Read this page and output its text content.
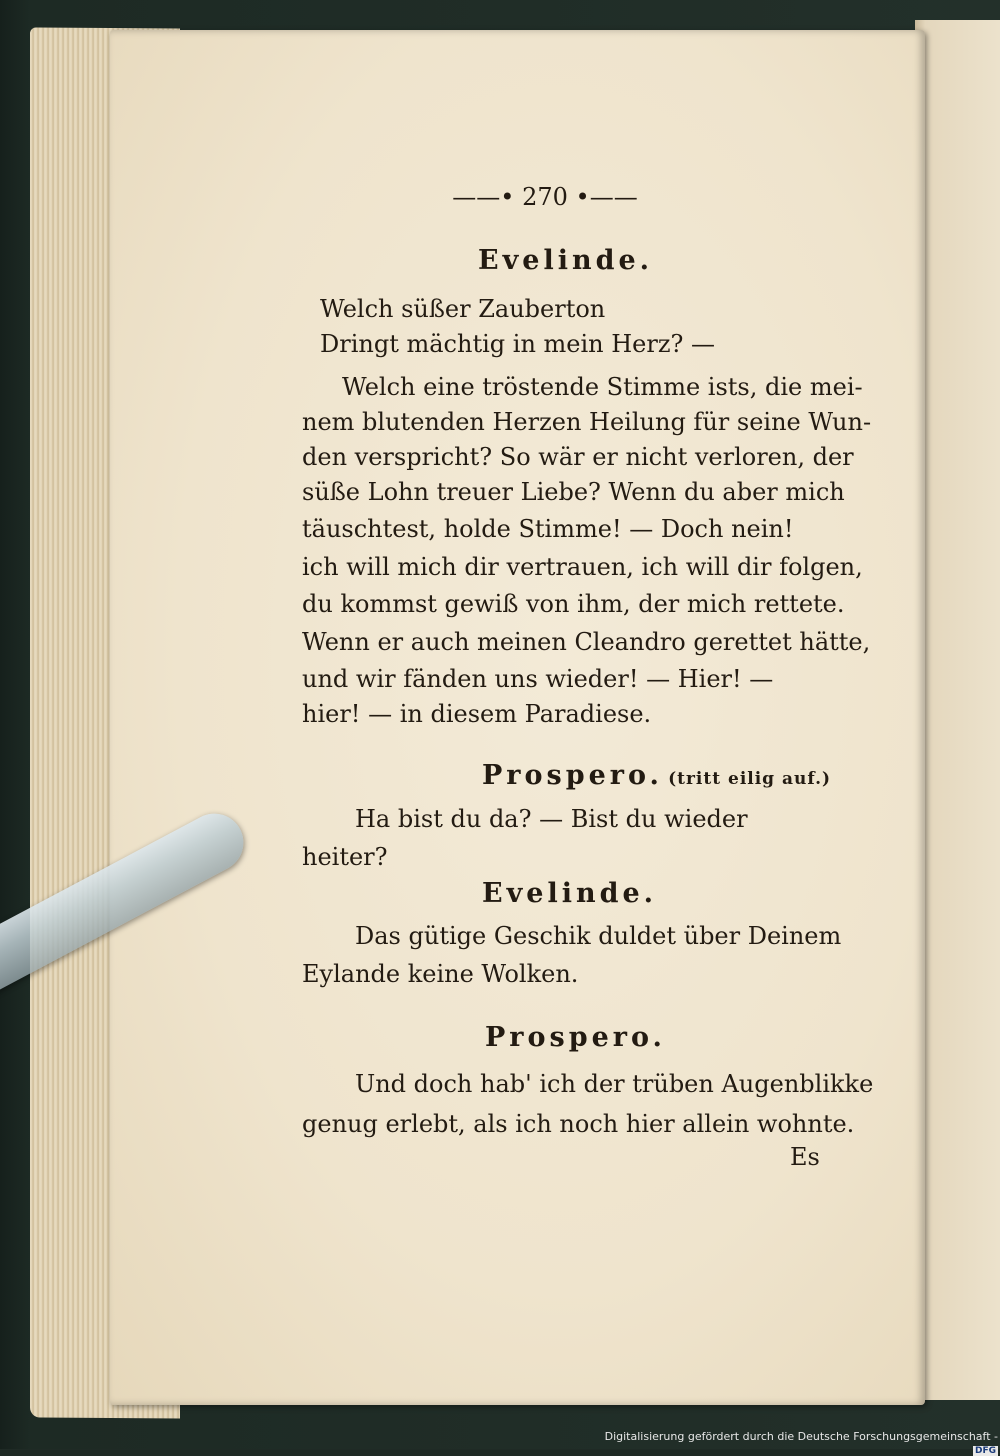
——• 270 •——
Evelinde.
Welch süßer Zauberton
Dringt mächtig in mein Herz? —
Welch eine tröstende Stimme ists, die mei-
nem blutenden Herzen Heilung für seine Wun-
den verspricht? So wär er nicht verloren, der
süße Lohn treuer Liebe? Wenn du aber mich
täuschtest, holde Stimme! — Doch nein!
ich will mich dir vertrauen, ich will dir folgen,
du kommst gewiß von ihm, der mich rettete.
Wenn er auch meinen Cleandro gerettet hätte,
und wir fänden uns wieder! — Hier! —
hier! — in diesem Paradiese.
Prospero. (tritt eilig auf.)
Ha bist du da? — Bist du wieder
heiter?
Evelinde.
Das gütige Geschik duldet über Deinem
Eylande keine Wolken.
Prospero.
Und doch hab' ich der trüben Augenblikke
genug erlebt, als ich noch hier allein wohnte.
Es
Digitalisierung gefördert durch die Deutsche Forschungsgemeinschaft -DFG
